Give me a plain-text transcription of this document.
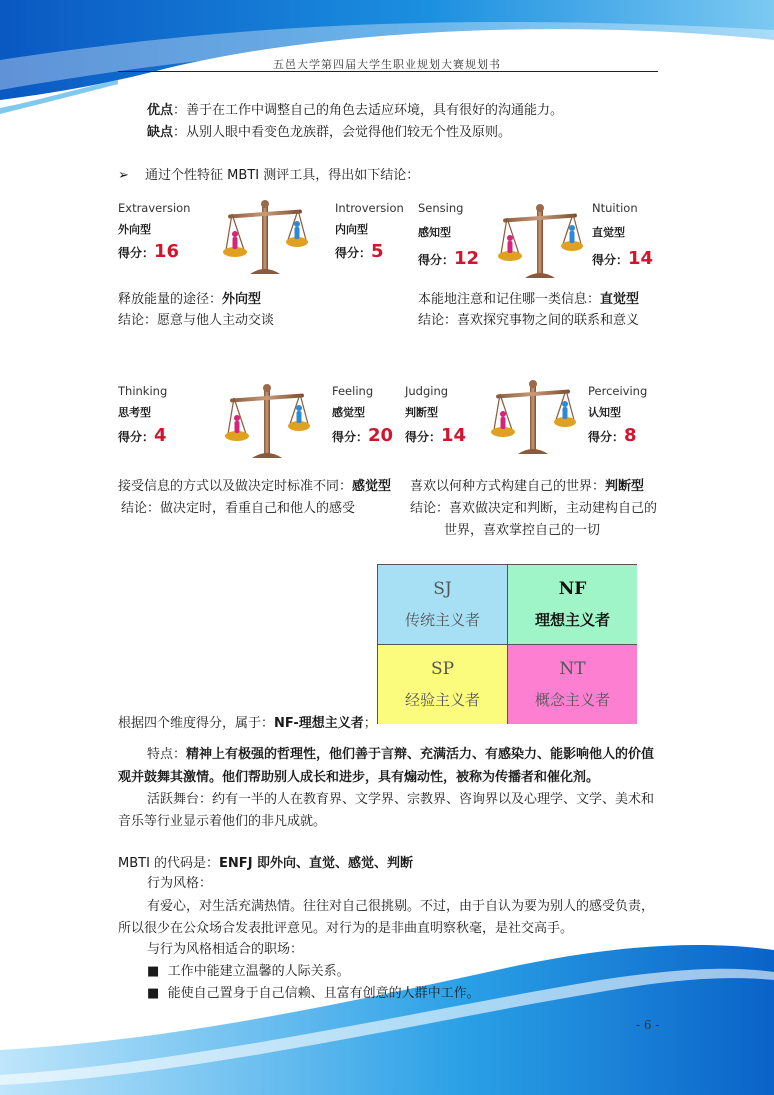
五邑大学第四届大学生职业规划大赛规划书
优点：善于在工作中调整自己的角色去适应环境，具有很好的沟通能力。
缺点：从别人眼中看变色龙族群，会觉得他们较无个性及原则。
➢ 通过个性特征 MBTI 测评工具，得出如下结论：
Extraversion
外向型
得分：16
Introversion
内向型
得分：5
Sensing
感知型
得分：12
Ntuition
直觉型
得分：14
释放能量的途径：外向型
结论：愿意与他人主动交谈
本能地注意和记住哪一类信息：直觉型
结论：喜欢探究事物之间的联系和意义
Thinking
思考型
得分：4
Feeling
感觉型
得分：20
Judging
判断型
得分：14
Perceiving
认知型
得分：8
接受信息的方式以及做决定时标准不同：感觉型
结论：做决定时，看重自己和他人的感受
喜欢以何种方式构建自己的世界：判断型
结论：喜欢做决定和判断，主动建构自己的
世界，喜欢掌控自己的一切
SJ
传统主义者
NF
理想主义者
SP
经验主义者
NT
概念主义者
根据四个维度得分，属于：NF-理想主义者；
特点：精神上有极强的哲理性，他们善于言辩、充满活力、有感染力、能影响他人的价值
观并鼓舞其激情。他们帮助别人成长和进步，具有煽动性，被称为传播者和催化剂。
活跃舞台：约有一半的人在教育界、文学界、宗教界、咨询界以及心理学、文学、美术和
音乐等行业显示着他们的非凡成就。
MBTI 的代码是：ENFJ 即外向、直觉、感觉、判断
行为风格：
有爱心，对生活充满热情。往往对自己很挑剔。不过，由于自认为要为别人的感受负责，
所以很少在公众场合发表批评意见。对行为的是非曲直明察秋毫，是社交高手。
与行为风格相适合的职场：
■ 工作中能建立温馨的人际关系。
■ 能使自己置身于自己信赖、且富有创意的人群中工作。
- 6 -
